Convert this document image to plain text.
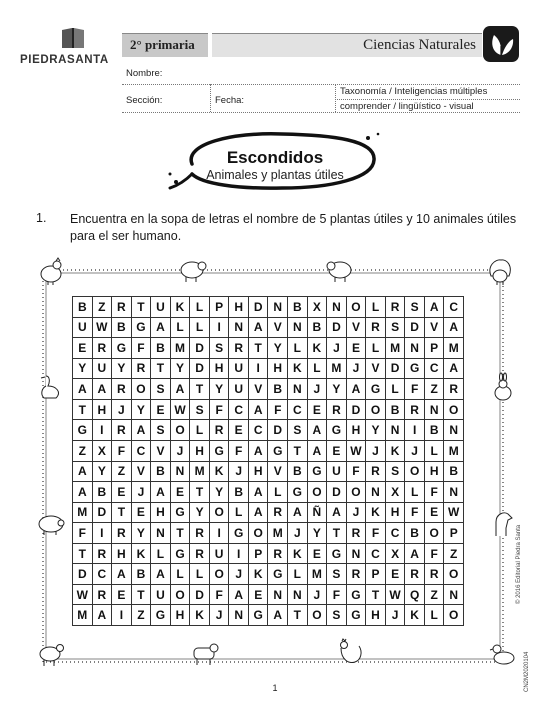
PIEDRASANTA
2° primaria	Ciencias Naturales
Nombre:
Sección:	Fecha:
Taxonomía / Inteligencias múltiples
comprender / lingüístico - visual
Escondidos
Animales y plantas útiles
1. Encuentra en la sopa de letras el nombre de 5 plantas útiles y 10 animales útiles para el ser humano.
B Z R T U K L P H D N B X N O L R S A C
U W B G A L	L	I	N A V N B D V R S D V A
E R G F B M D S R T Y L K J	E L M N P M
Y U Y R T Y D H U	I	H K L M J	V D G C A
A A R O S A T Y U V B N J	Y A G L	F	Z R
T H J	Y E W S F C A F C E R D O B R N O
G	I	R A S O L R E C D S A G H Y N	I	B N
Z X F C V	J H G F A G T A E W J K J	L M
A Y Z V B N M K J H V B G U F R S O H B
A B E	J A E T Y B A L G O D O N X L	F N
M D T E H G Y O L A R A Ñ A J K H F E W
F	I	R Y N T R	I	G O M J	Y T R F C B O P
T R H K L G R U	I	P R K E G N C X A F	Z
D C A B A L	L O J K G L M S R P E R R O
W R E T U O D F A E N N J	F G T W Q Z N
M A	I	Z G H K J N G A T O S G H J K L O
© 2016 Editorial Piedra Santa
CN2M2020104
1
